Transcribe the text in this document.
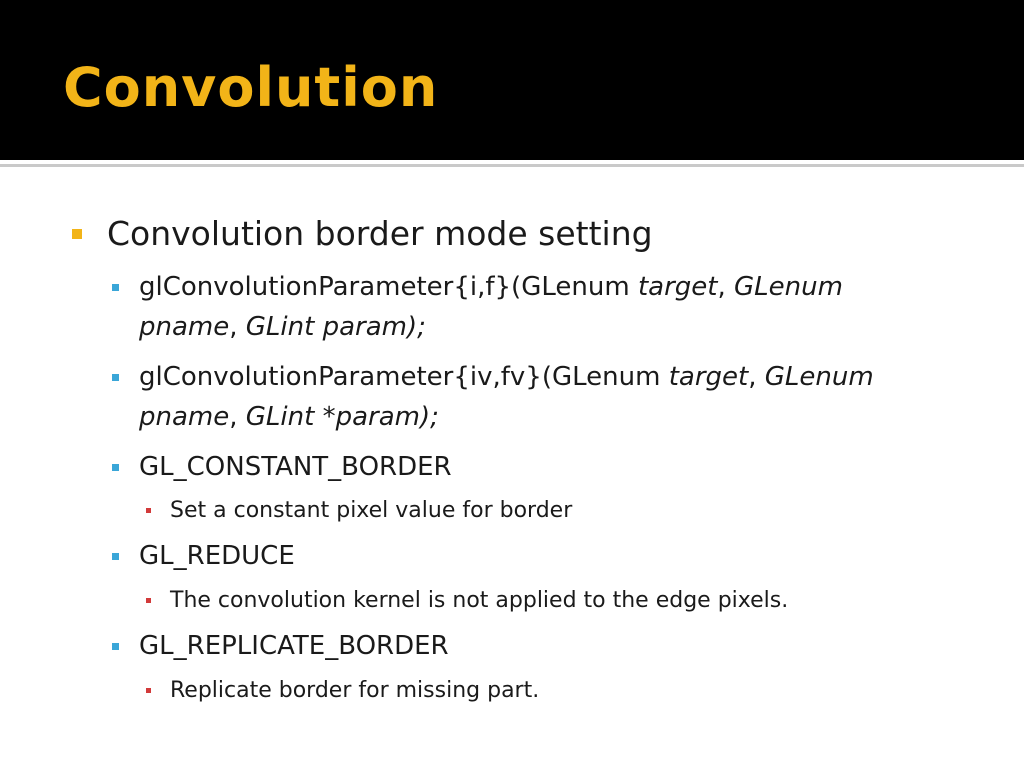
Convolution
Convolution border mode setting
glConvolutionParameter{i,f}(GLenum target, GLenum
pname, GLint param);
glConvolutionParameter{iv,fv}(GLenum target, GLenum
pname, GLint *param);
GL_CONSTANT_BORDER
Set a constant pixel value for border
GL_REDUCE
The convolution kernel is not applied to the edge pixels.
GL_REPLICATE_BORDER
Replicate border for missing part.
